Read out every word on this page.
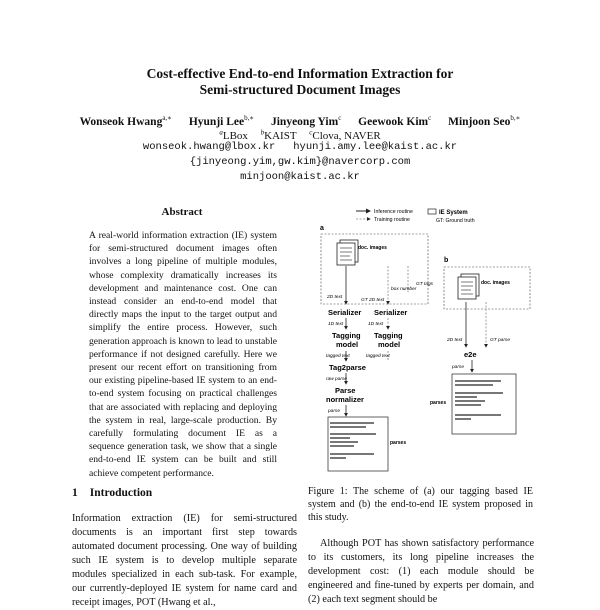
Cost-effective End-to-end Information Extraction for
Semi-structured Document Images
Wonseok Hwang$^{a,∗}$ Hyunji Lee$^{b,∗}$ Jinyeong Yim$^c$ Geewook Kim$^c$ Minjoon Seo$^{b,∗}$
$^a$LBox $^b$KAIST $^c$Clova, NAVER
wonseok.hwang@lbox.kr hyunji.amy.lee@kaist.ac.kr
{jinyeong.yim,gw.kim}@navercorp.com
minjoon@kaist.ac.kr
Abstract

A real-world information extraction (IE) system for semi-structured document images often involves a long pipeline of multiple modules, whose complexity dramatically increases its development and maintenance cost. One can instead consider an end-to-end model that directly maps the input to the target output and simplify the entire process. However, such generation approach is known to lead to unstable performance if not designed carefully. Here we present our recent effort on transitioning from our existing pipeline-based IE system to an end-to-end system focusing on practical challenges that are associated with replacing and deploying the system in real, large-scale production. By carefully formulating document IE as a sequence generation task, we show that a single end-to-end IE system can be built and still achieve competent performance.

1 Introduction

Information extraction (IE) for semi-structured documents is an important first step towards automated document processing. One way of building such IE system is to develop multiple separate modules specialized in each sub-task. For example, our currently-deployed IE system for name card and receipt images, POT (Hwang et al.,

Inference routine
Training routine
IE System
GT: Ground truth
a
doc. images
GT tags
box number
2D text
GT 2D text
Serializer Serializer
1D text	1D text
Tagging
model
Tagging
model
tagged text	tagged text
Tag2parse
raw parse
Parse
normalizer
parse
parses
b
doc. images
2D text	GT parse
e2e
parse
parses

Figure 1: The scheme of (a) our tagging based IE system and (b) the end-to-end IE system proposed in this study.

Although POT has shown satisfactory performance to its customers, its long pipeline increases the development cost: (1) each module should be engineered and fine-tuned by experts per domain, and (2) each text segment should be
